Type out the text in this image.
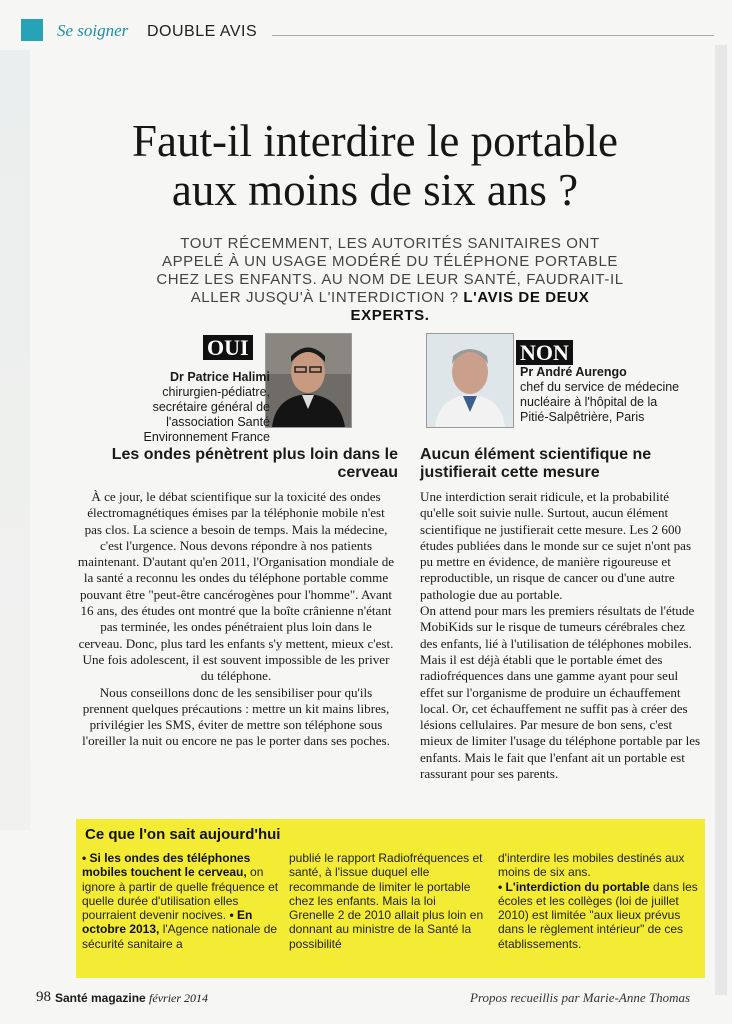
Se soigner DOUBLE AVIS
Faut-il interdire le portable
aux moins de six ans ?
TOUT RÉCEMMENT, LES AUTORITÉS SANITAIRES ONT APPELÉ À UN USAGE MODÉRÉ DU TÉLÉPHONE PORTABLE CHEZ LES ENFANTS. AU NOM DE LEUR SANTÉ, FAUDRAIT-IL ALLER JUSQU'À L'INTERDICTION ? L'AVIS DE DEUX EXPERTS.
OUI
Dr Patrice Halimi
chirurgien-pédiatre, secrétaire général de l'association Santé Environnement France
Les ondes pénètrent plus loin dans le cerveau

À ce jour, le débat scientifique sur la toxicité des ondes électromagnétiques émises par la téléphonie mobile n'est pas clos. La science a besoin de temps. Mais la médecine, c'est l'urgence. Nous devons répondre à nos patients maintenant. D'autant qu'en 2011, l'Organisation mondiale de la santé a reconnu les ondes du téléphone portable comme pouvant être "peut-être cancérogènes pour l'homme". Avant 16 ans, des études ont montré que la boîte crânienne n'étant pas terminée, les ondes pénétraient plus loin dans le cerveau. Donc, plus tard les enfants s'y mettent, mieux c'est. Une fois adolescent, il est souvent impossible de les priver du téléphone.

Nous conseillons donc de les sensibiliser pour qu'ils prennent quelques précautions : mettre un kit mains libres, privilégier les SMS, éviter de mettre son téléphone sous l'oreiller la nuit ou encore ne pas le porter dans ses poches.

NON
Pr André Aurengo
chef du service de médecine nucléaire à l'hôpital de la Pitié-Salpêtrière, Paris
Aucun élément scientifique ne justifierait cette mesure

Une interdiction serait ridicule, et la probabilité qu'elle soit suivie nulle. Surtout, aucun élément scientifique ne justifierait cette mesure. Les 2 600 études publiées dans le monde sur ce sujet n'ont pas pu mettre en évidence, de manière rigoureuse et reproductible, un risque de cancer ou d'une autre pathologie due au portable.

On attend pour mars les premiers résultats de l'étude MobiKids sur le risque de tumeurs cérébrales chez des enfants, lié à l'utilisation de téléphones mobiles. Mais il est déjà établi que le portable émet des radiofréquences dans une gamme ayant pour seul effet sur l'organisme de produire un échauffement local. Or, cet échauffement ne suffit pas à créer des lésions cellulaires. Par mesure de bon sens, c'est mieux de limiter l'usage du téléphone portable par les enfants. Mais le fait que l'enfant ait un portable est rassurant pour ses parents.

Ce que l'on sait aujourd'hui
• Si les ondes des téléphones mobiles touchent le cerveau, on ignore à partir de quelle fréquence et quelle durée d'utilisation elles pourraient devenir nocives. • En octobre 2013, l'Agence nationale de sécurité sanitaire a
publié le rapport Radiofréquences et santé, à l'issue duquel elle recommande de limiter le portable chez les enfants. Mais la loi Grenelle 2 de 2010 allait plus loin en donnant au ministre de la Santé la possibilité
d'interdire les mobiles destinés aux moins de six ans.
• L'interdiction du portable dans les écoles et les collèges (loi de juillet 2010) est limitée "aux lieux prévus dans le règlement intérieur" de ces établissements.
98 Santé magazine février 2014	Propos recueillis par Marie-Anne Thomas
